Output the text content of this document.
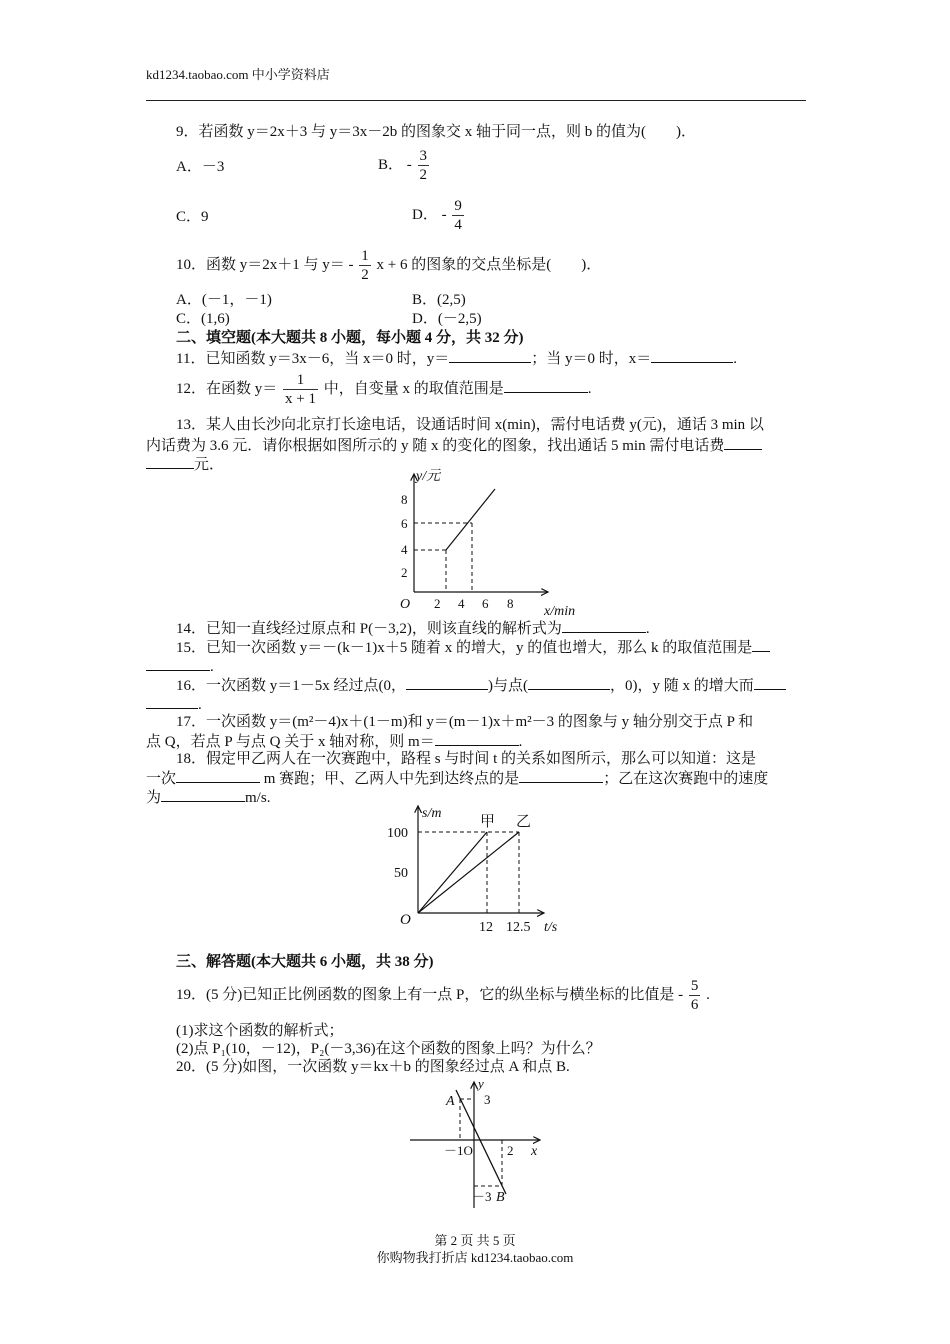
kd1234.taobao.com 中小学资料店
9．若函数 y＝2x＋3 与 y＝3x－2b 的图象交 x 轴于同一点，则 b 的值为(　　)．
A．－3	B． - $\frac{3}{2}$
C．9	D． - $\frac{9}{4}$
10．函数 y＝2x＋1 与 $y= - \frac{1}{2}$ x + 6 的图象的交点坐标是(　　)．
A．(－1，－1)	B．(2,5)
C．(1,6)	D．(－2,5)
二、填空题(本大题共 8 小题，每小题 4 分，共 32 分)
11．已知函数 y＝3x－6，当 x＝0 时，y＝	；当 y＝0 时，x＝	.
12．在函数 $y= \frac{1}{x + 1}$ 中，自变量 x 的取值范围是	.
13．某人由长沙向北京打长途电话，设通话时间 x(min)，需付电话费 y(元)，通话 3 min 以
内话费为 3.6 元．请你根据如图所示的 y 随 x 的变化的图象，找出通话 5 min 需付电话费
元．
y/元
x/min
O
8
6
4
2
2 4 6 8
14．已知一直线经过原点和 P(－3,2)，则该直线的解析式为	.
15．已知一次函数 y＝－(k－1)x＋5 随着 x 的增大，y 的值也增大，那么 k 的取值范围是
.
16．一次函数 y＝1－5x 经过点(0，	)与点(	，0)，y 随 x 的增大而
.
17．一次函数 y＝(m²－4)x＋(1－m)和 y＝(m－1)x＋m²－3 的图象与 y 轴分别交于点 P 和
点 Q，若点 P 与点 Q 关于 x 轴对称，则 m＝	.
18．假定甲乙两人在一次赛跑中，路程 s 与时间 t 的关系如图所示，那么可以知道：这是
一次	m 赛跑；甲、乙两人中先到达终点的是	；乙在这次赛跑中的速度
为	m/s.
s/m
t/s
O
100
50
12 12.5
甲 乙
三、解答题(本大题共 6 小题，共 38 分)
19．(5 分)已知正比例函数的图象上有一点 P，它的纵坐标与横坐标的比值是 - $\frac{5}{6}$ .
(1)求这个函数的解析式；
(2)点 P₁(10，－12)，P₂(－3,36)在这个函数的图象上吗？为什么？
20．(5 分)如图，一次函数 y＝kx＋b 的图象经过点 A 和点 B.
y
x
A
B
3
－3
－1O	2
第 2 页 共 5 页
你购物我打折店 kd1234.taobao.com
